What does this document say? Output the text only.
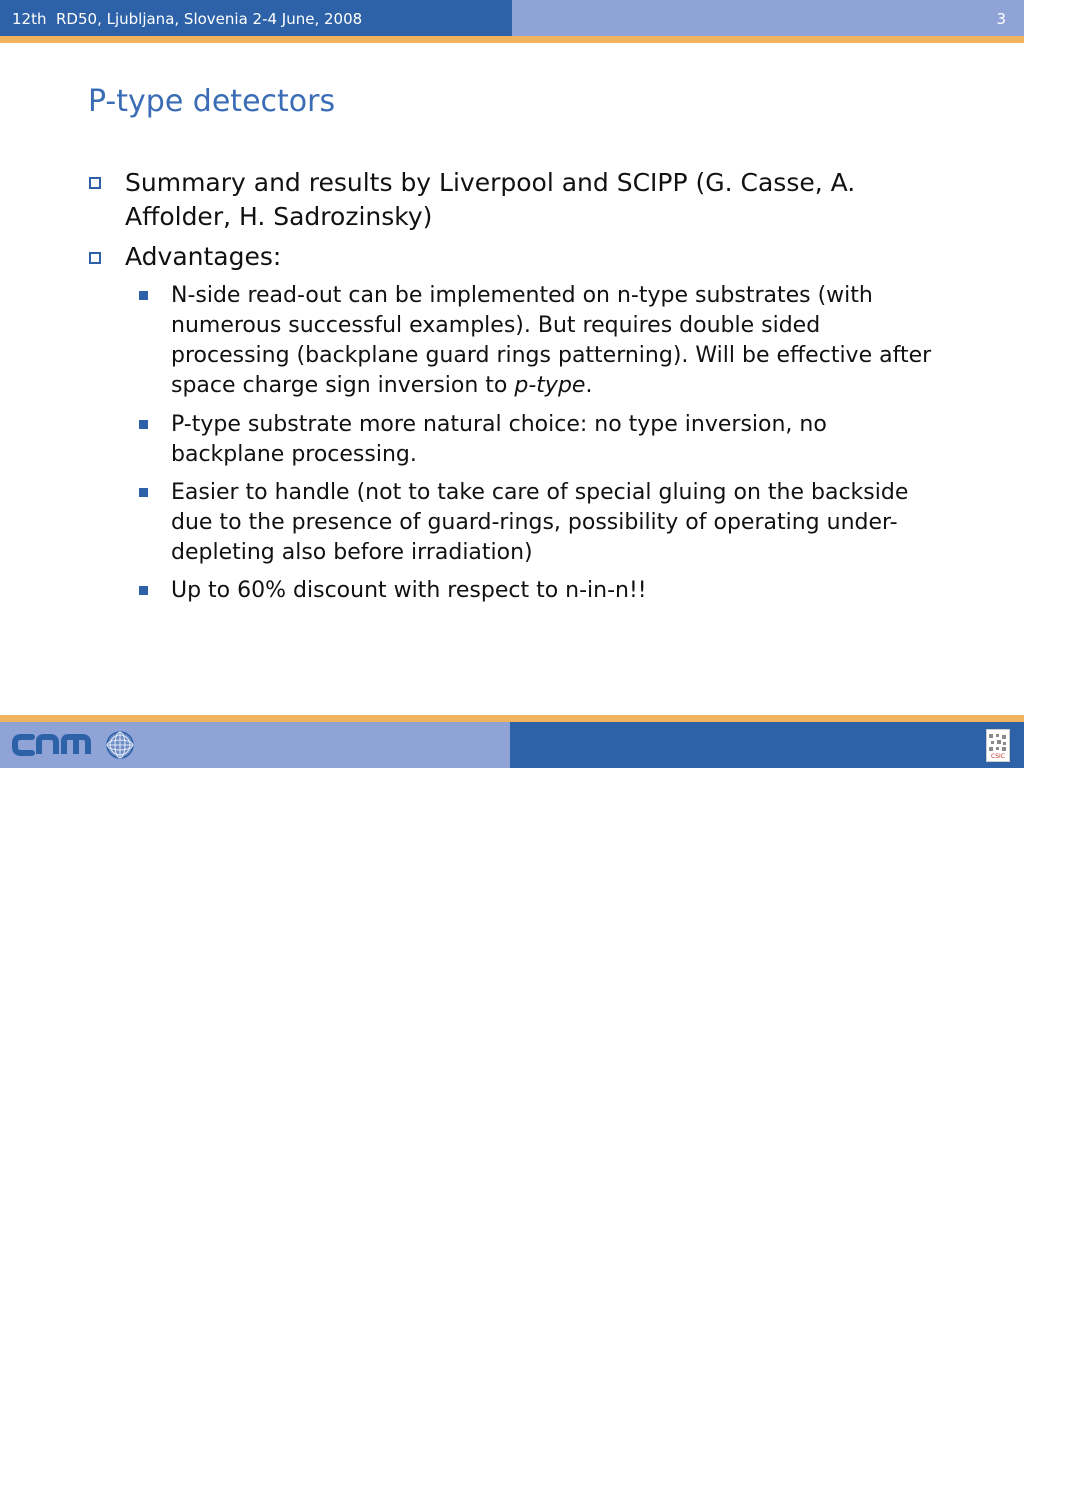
12th  RD50, Ljubljana, Slovenia 2-4 June, 2008	3
P-type detectors
Summary and results by Liverpool and SCIPP (G. Casse, A. Affolder, H. Sadrozinsky)
Advantages:
N-side read-out can be implemented on n-type substrates (with numerous successful examples). But requires double sided processing (backplane guard rings patterning). Will be effective after space charge sign inversion to p-type.
P-type substrate more natural choice: no type inversion, no backplane processing.
Easier to handle (not to take care of special gluing on the backside due to the presence of guard-rings, possibility of operating under-depleting also before irradiation)
Up to 60% discount with respect to n-in-n!!
Manuel Lozano
CSIC
